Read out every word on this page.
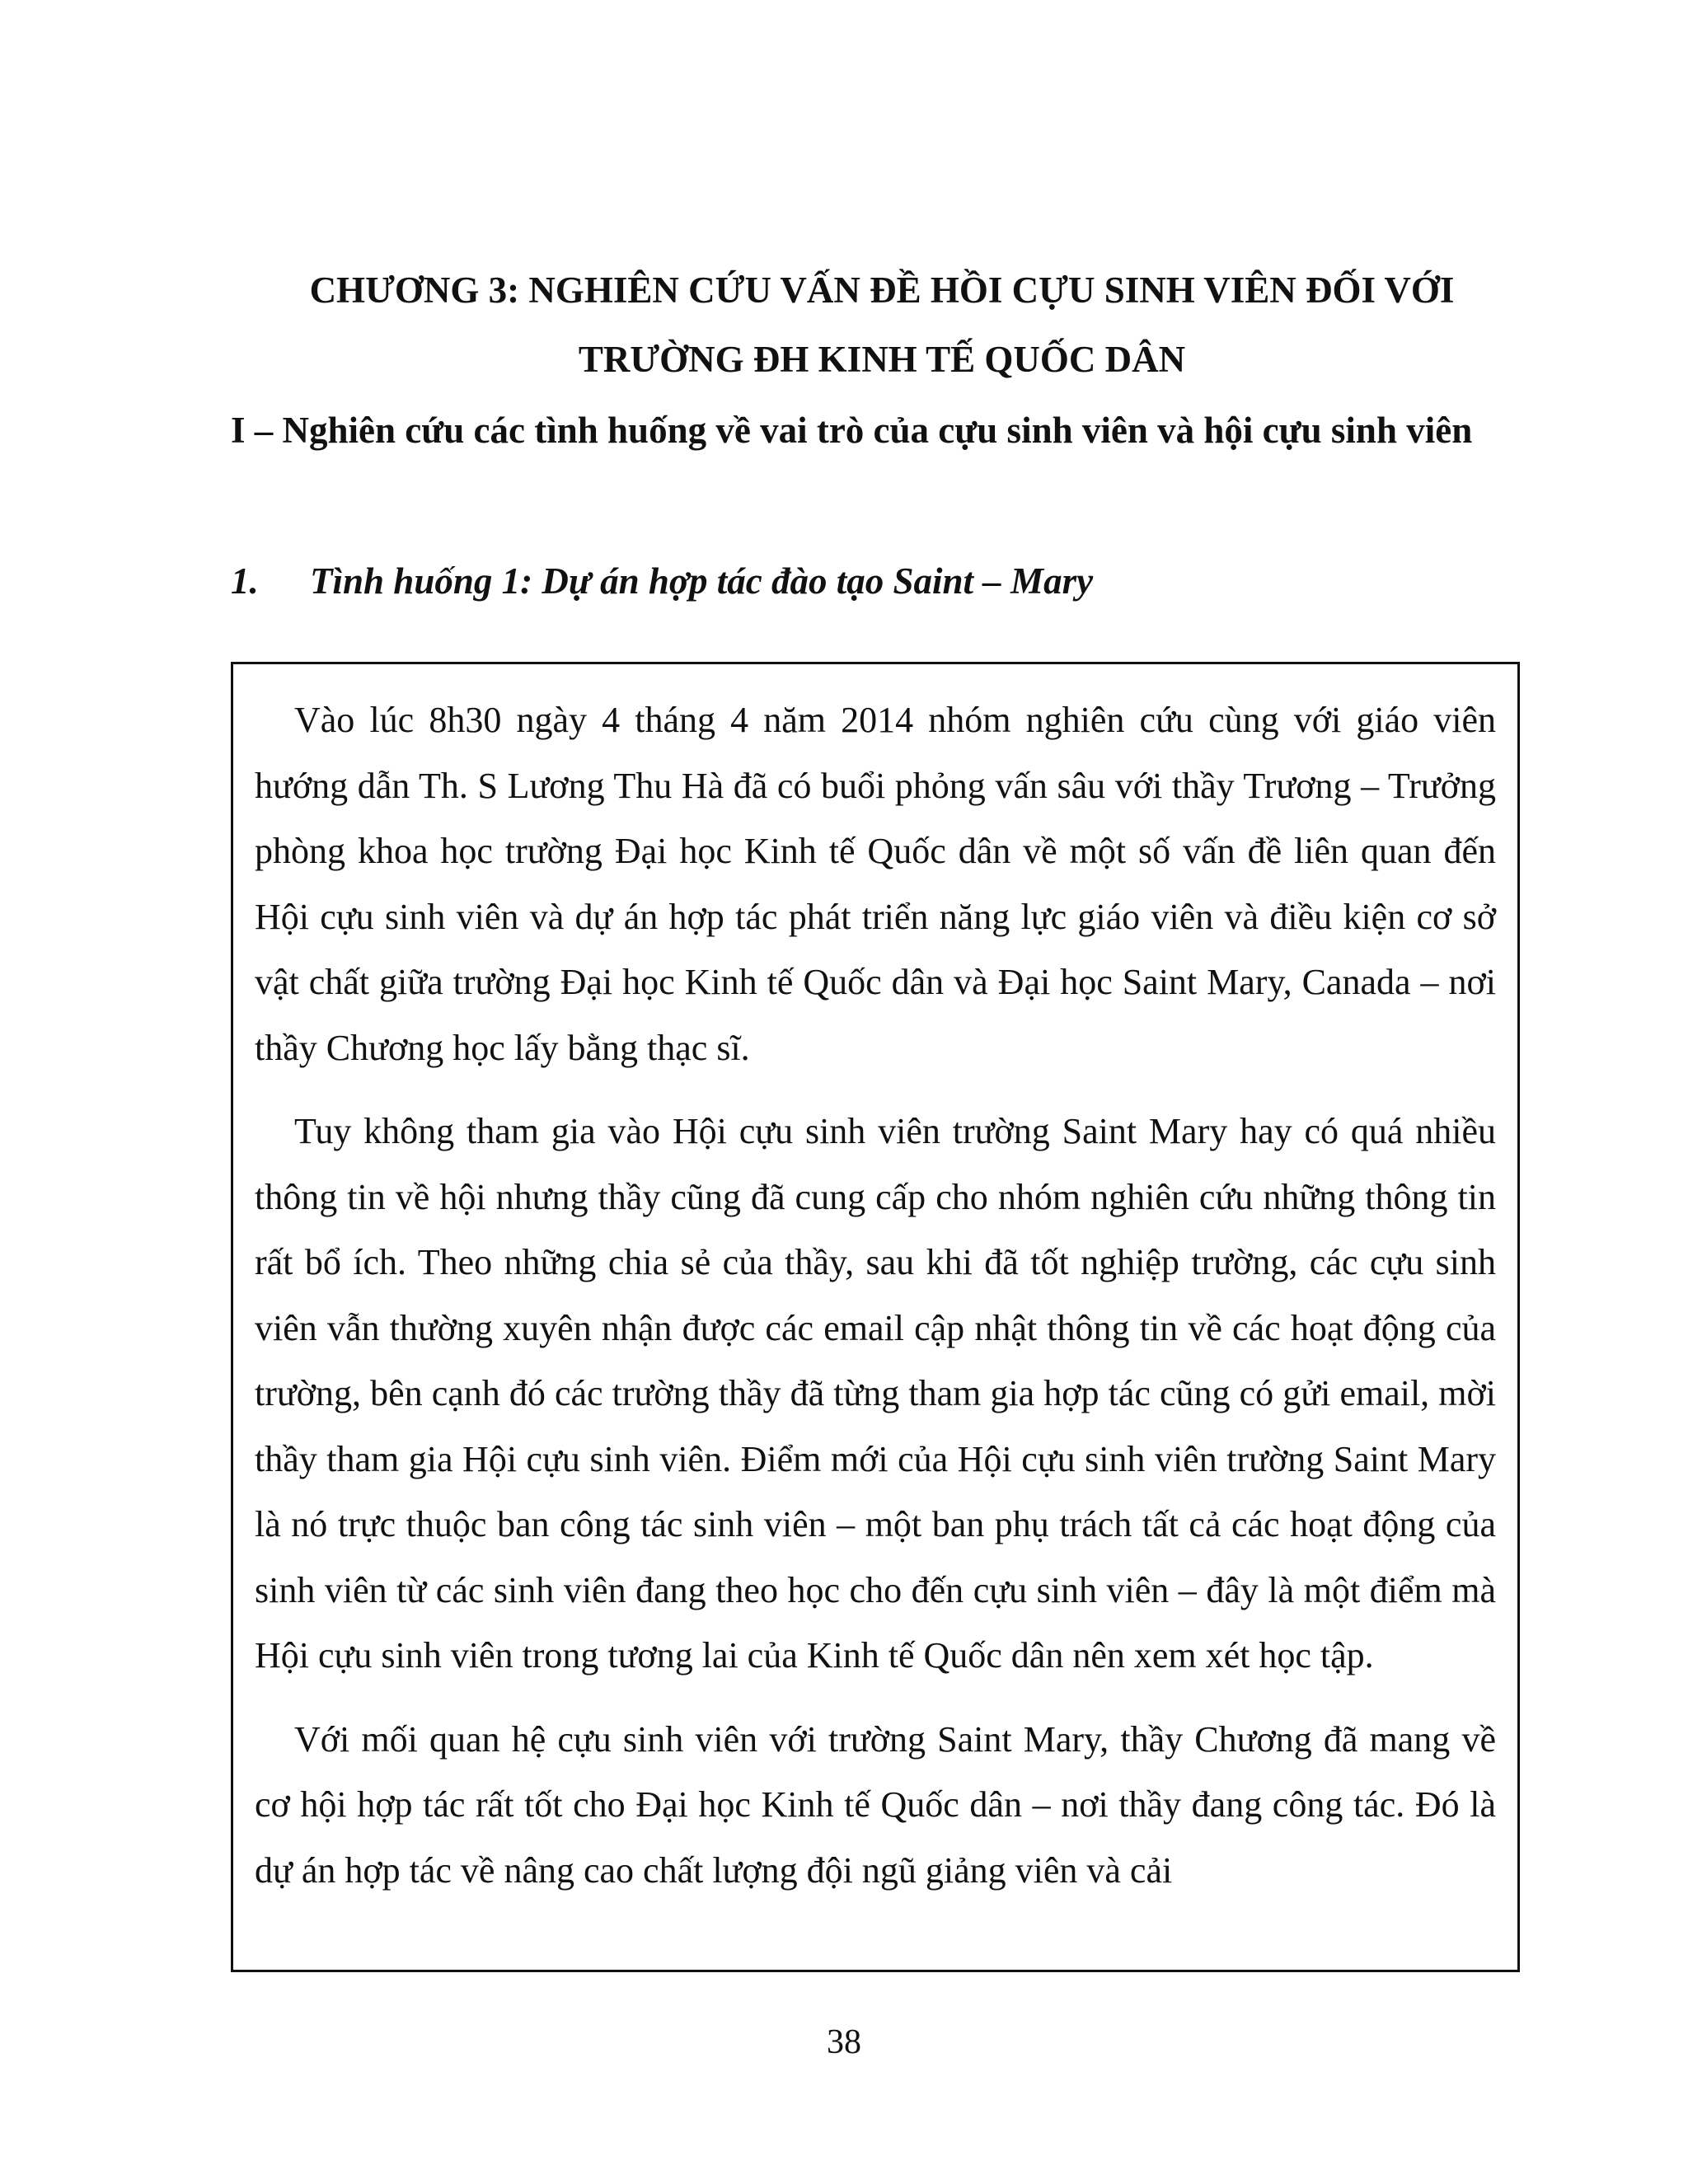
CHƯƠNG 3: NGHIÊN CỨU VẤN ĐỀ HỒI CỰU SINH VIÊN ĐỐI VỚI
TRƯỜNG ĐH KINH TẾ QUỐC DÂN
I – Nghiên cứu các tình huống về vai trò của cựu sinh viên và hội cựu sinh viên
1. Tình huống 1: Dự án hợp tác đào tạo Saint – Mary

Vào lúc 8h30 ngày 4 tháng 4 năm 2014 nhóm nghiên cứu cùng với giáo viên hướng dẫn Th. S Lương Thu Hà đã có buổi phỏng vấn sâu với thầy Trương – Trưởng phòng khoa học trường Đại học Kinh tế Quốc dân về một số vấn đề liên quan đến Hội cựu sinh viên và dự án hợp tác phát triển năng lực giáo viên và điều kiện cơ sở vật chất giữa trường Đại học Kinh tế Quốc dân và Đại học Saint Mary, Canada – nơi thầy Chương học lấy bằng thạc sĩ.

Tuy không tham gia vào Hội cựu sinh viên trường Saint Mary hay có quá nhiều thông tin về hội nhưng thầy cũng đã cung cấp cho nhóm nghiên cứu những thông tin rất bổ ích. Theo những chia sẻ của thầy, sau khi đã tốt nghiệp trường, các cựu sinh viên vẫn thường xuyên nhận được các email cập nhật thông tin về các hoạt động của trường, bên cạnh đó các trường thầy đã từng tham gia hợp tác cũng có gửi email, mời thầy tham gia Hội cựu sinh viên. Điểm mới của Hội cựu sinh viên trường Saint Mary là nó trực thuộc ban công tác sinh viên – một ban phụ trách tất cả các hoạt động của sinh viên từ các sinh viên đang theo học cho đến cựu sinh viên – đây là một điểm mà Hội cựu sinh viên trong tương lai của Kinh tế Quốc dân nên xem xét học tập.

Với mối quan hệ cựu sinh viên với trường Saint Mary, thầy Chương đã mang về cơ hội hợp tác rất tốt cho Đại học Kinh tế Quốc dân – nơi thầy đang công tác. Đó là dự án hợp tác về nâng cao chất lượng đội ngũ giảng viên và cải

38
